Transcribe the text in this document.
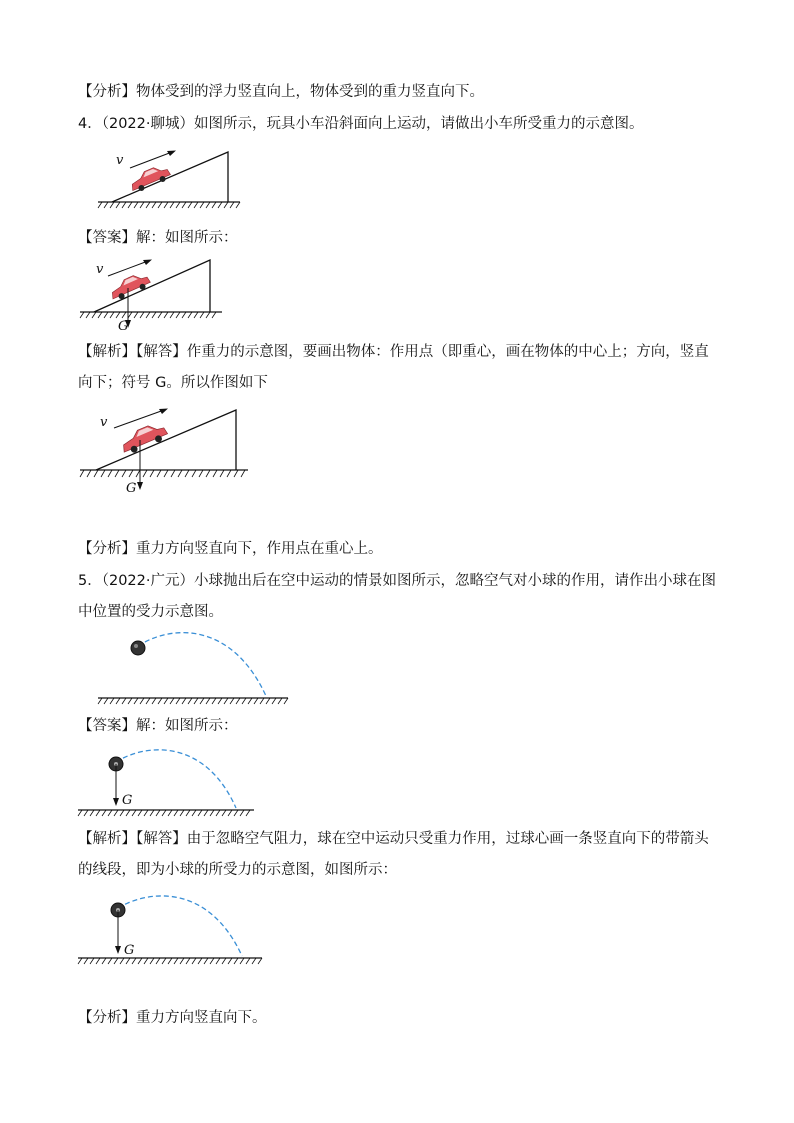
【分析】物体受到的浮力竖直向上，物体受到的重力竖直向下。
4．（2022·聊城）如图所示，玩具小车沿斜面向上运动，请做出小车所受重力的示意图。
v
【答案】解：如图所示：
v
G
【解析】【解答】作重力的示意图，要画出物体：作用点（即重心，画在物体的中心上；方向，竖直向下；符号 G。所以作图如下
v
G
【分析】重力方向竖直向下，作用点在重心上。
5．（2022·广元）小球抛出后在空中运动的情景如图所示，忽略空气对小球的作用，请作出小球在图中位置的受力示意图。
【答案】解：如图所示：
G
【解析】【解答】由于忽略空气阻力，球在空中运动只受重力作用，过球心画一条竖直向下的带箭头的线段，即为小球的所受力的示意图，如图所示：
G
【分析】重力方向竖直向下。
